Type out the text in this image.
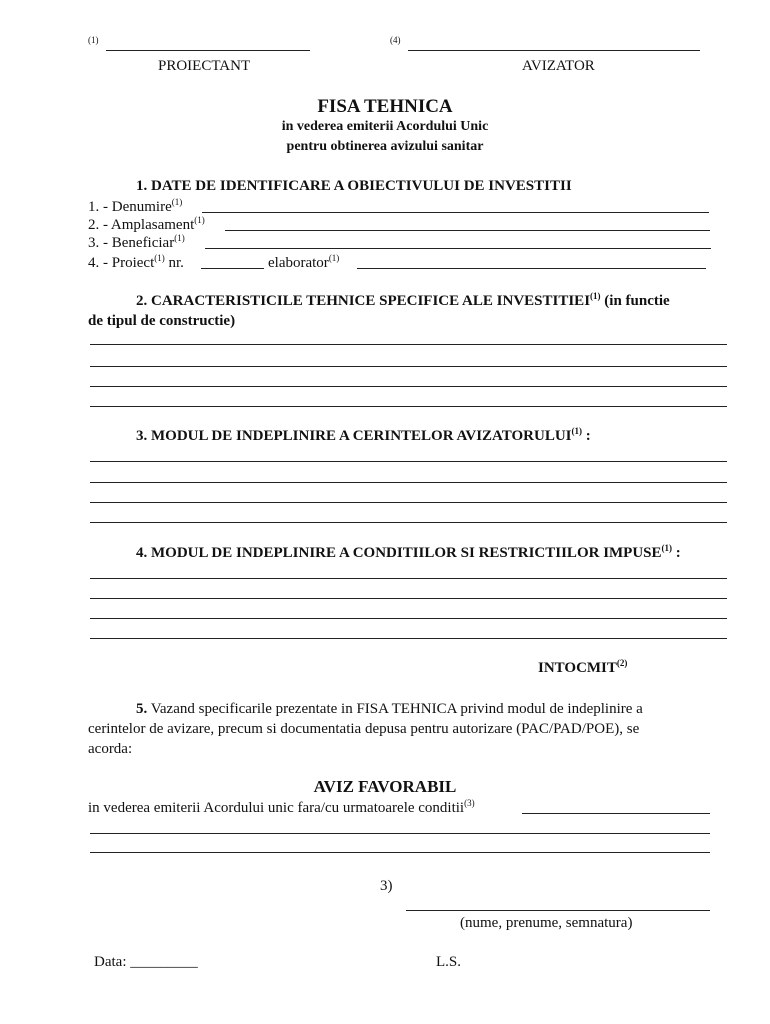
(1)
PROIECTANT
(4)
AVIZATOR
FISA TEHNICA
in vederea emiterii Acordului Unic
pentru obtinerea avizului sanitar
1. DATE DE IDENTIFICARE A OBIECTIVULUI DE INVESTITII
1. - Denumire$^{(1)}$
2. - Amplasament$^{(1)}$
3. - Beneficiar$^{(1)}$
4. - Proiect$^{(1)}$ nr.	elaborator$^{(1)}$
2. CARACTERISTICILE TEHNICE SPECIFICE ALE INVESTITIEI$^{(1)}$ (in functie
de tipul de constructie)
3. MODUL DE INDEPLINIRE A CERINTELOR AVIZATORULUI$^{(1)}$ :
4. MODUL DE INDEPLINIRE A CONDITIILOR SI RESTRICTIILOR IMPUSE$^{(1)}$ :
INTOCMIT$^{(2)}$
5. Vazand specificarile prezentate in FISA TEHNICA privind modul de indeplinire a
cerintelor de avizare, precum si documentatia depusa pentru autorizare (PAC/PAD/POE), se
acorda:
AVIZ FAVORABIL
in vederea emiterii Acordului unic fara/cu urmatoarele conditii$^{(3)}$
3)
(nume, prenume, semnatura)
Data: _________	L.S.
